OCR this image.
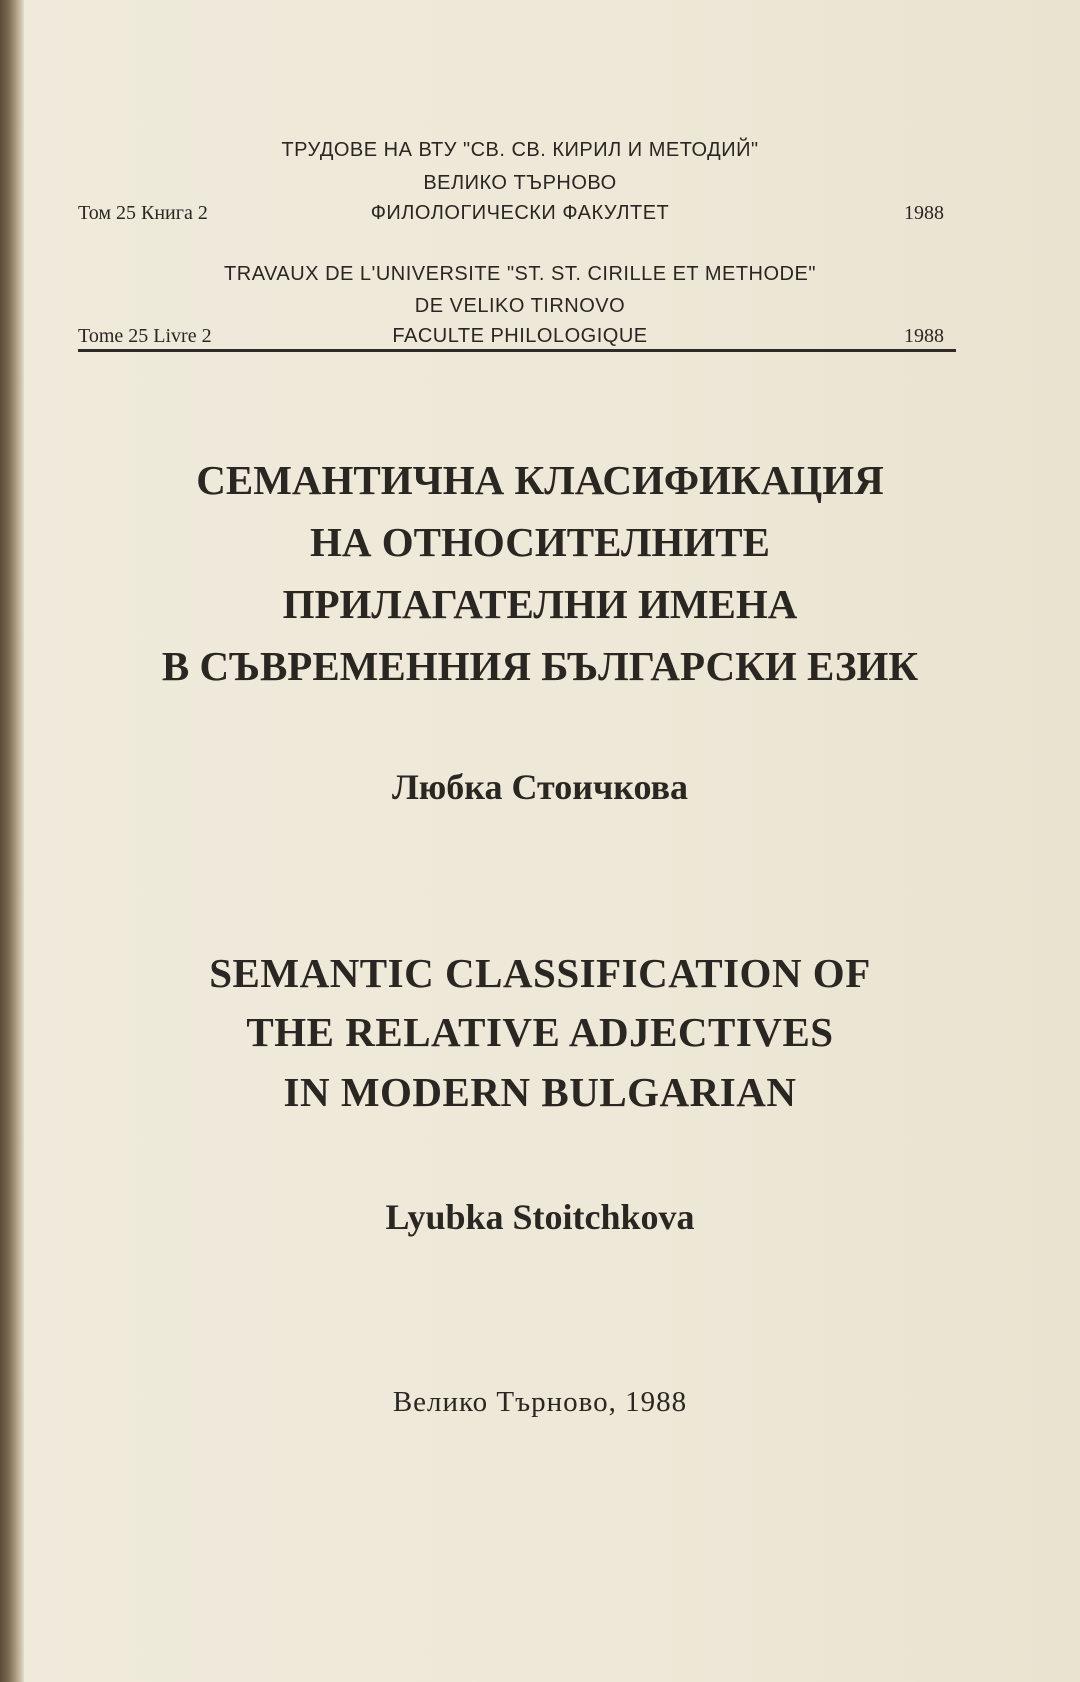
ТРУДОВЕ НА ВТУ "СВ. СВ. КИРИЛ И МЕТОДИЙ"
ВЕЛИКО ТЪРНОВО
Том 25 Книга 2	ФИЛОЛОГИЧЕСКИ ФАКУЛТЕТ	1988
TRAVAUX DE L'UNIVERSITE "ST. ST. CIRILLE ET METHODE"
DE VELIKO TIRNOVO
Tome 25 Livre 2	FACULTE PHILOLOGIQUE	1988
СЕМАНТИЧНА КЛАСИФИКАЦИЯ
НА ОТНОСИТЕЛНИТЕ
ПРИЛАГАТЕЛНИ ИМЕНА
В СЪВРЕМЕННИЯ БЪЛГАРСКИ ЕЗИК
Любка Стоичкова
SEMANTIC CLASSIFICATION OF
THE RELATIVE ADJECTIVES
IN MODERN BULGARIAN
Lyubka Stoitchkova
Велико Търново, 1988
